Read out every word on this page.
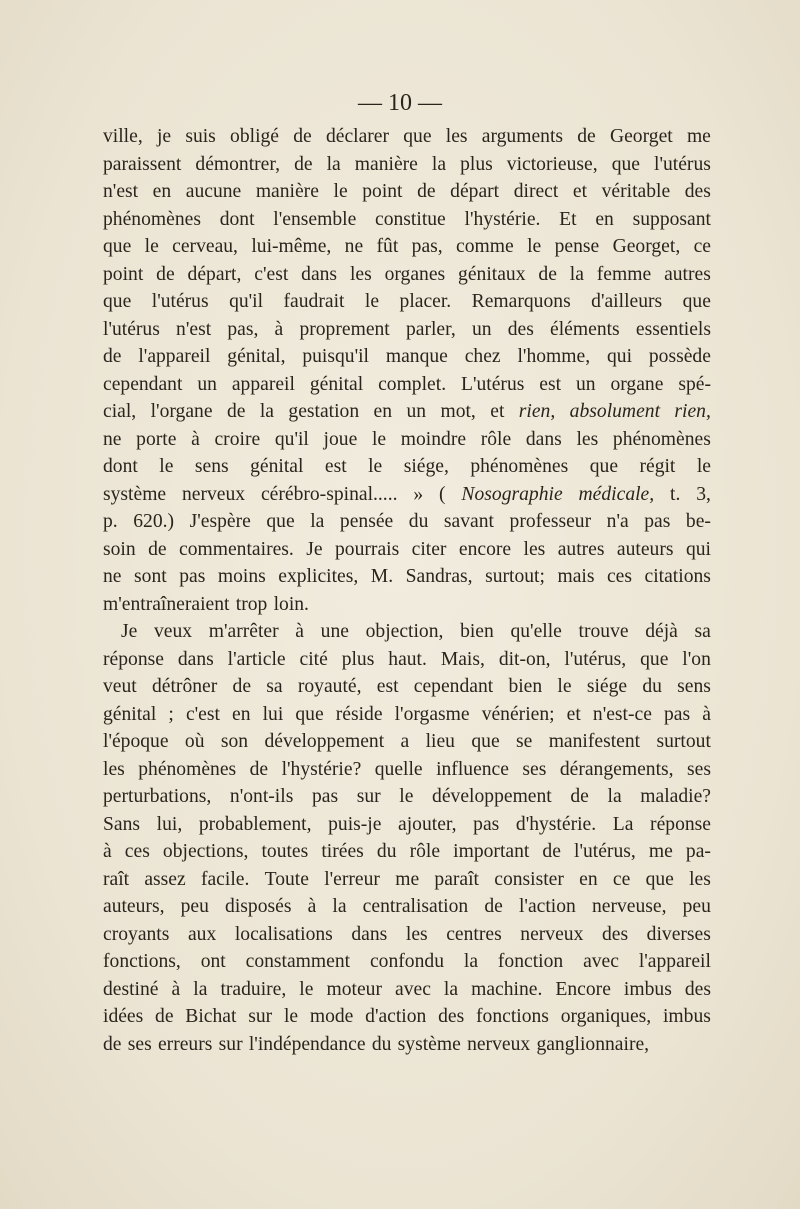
— 10 —
ville, je suis obligé de déclarer que les arguments de Georget me
paraissent démontrer, de la manière la plus victorieuse, que l'utérus
n'est en aucune manière le point de départ direct et véritable des
phénomènes dont l'ensemble constitue l'hystérie. Et en supposant
que le cerveau, lui-même, ne fût pas, comme le pense Georget, ce
point de départ, c'est dans les organes génitaux de la femme autres
que l'utérus qu'il faudrait le placer. Remarquons d'ailleurs que
l'utérus n'est pas, à proprement parler, un des éléments essentiels
de l'appareil génital, puisqu'il manque chez l'homme, qui possède
cependant un appareil génital complet. L'utérus est un organe spé-
cial, l'organe de la gestation en un mot, et rien, absolument rien,
ne porte à croire qu'il joue le moindre rôle dans les phénomènes
dont le sens génital est le siége, phénomènes que régit le
système nerveux cérébro-spinal..... » ( Nosographie médicale, t. 3,
p. 620.) J'espère que la pensée du savant professeur n'a pas be-
soin de commentaires. Je pourrais citer encore les autres auteurs qui
ne sont pas moins explicites, M. Sandras, surtout; mais ces citations
m'entraîneraient trop loin.
Je veux m'arrêter à une objection, bien qu'elle trouve déjà sa
réponse dans l'article cité plus haut. Mais, dit-on, l'utérus, que l'on
veut détrôner de sa royauté, est cependant bien le siége du sens
génital ; c'est en lui que réside l'orgasme vénérien; et n'est-ce pas à
l'époque où son développement a lieu que se manifestent surtout
les phénomènes de l'hystérie? quelle influence ses dérangements, ses
perturbations, n'ont-ils pas sur le développement de la maladie?
Sans lui, probablement, puis-je ajouter, pas d'hystérie. La réponse
à ces objections, toutes tirées du rôle important de l'utérus, me pa-
raît assez facile. Toute l'erreur me paraît consister en ce que les
auteurs, peu disposés à la centralisation de l'action nerveuse, peu
croyants aux localisations dans les centres nerveux des diverses
fonctions, ont constamment confondu la fonction avec l'appareil
destiné à la traduire, le moteur avec la machine. Encore imbus des
idées de Bichat sur le mode d'action des fonctions organiques, imbus
de ses erreurs sur l'indépendance du système nerveux ganglionnaire,
